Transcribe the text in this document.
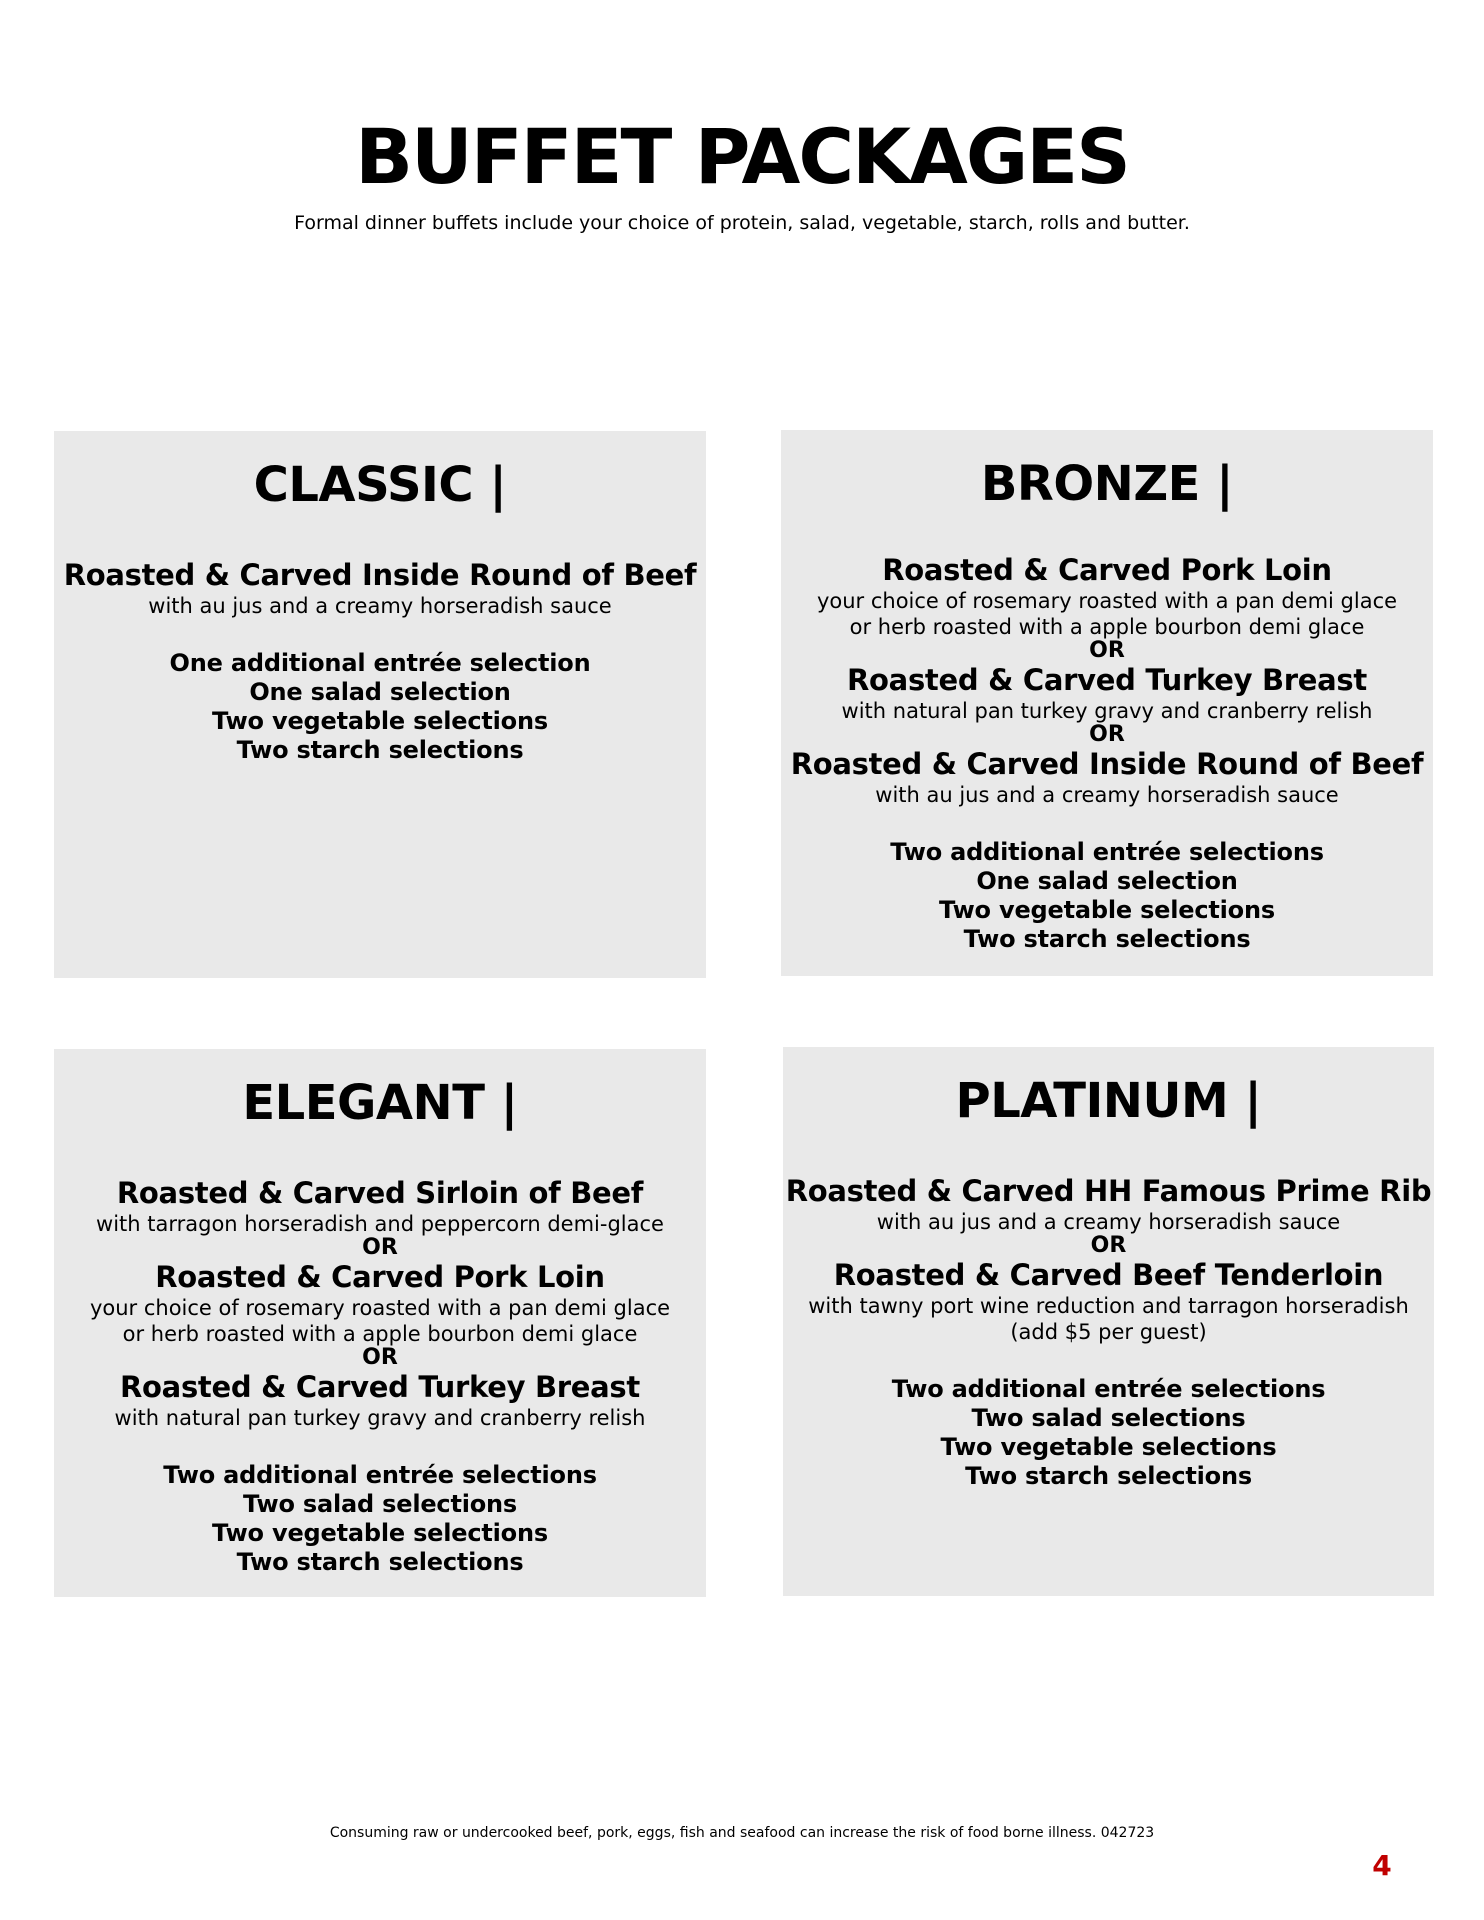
BUFFET PACKAGES

Formal dinner buffets include your choice of protein, salad, vegetable, starch, rolls and butter.

CLASSIC |
Roasted & Carved Inside Round of Beef
with au jus and a creamy horseradish sauce
One additional entrée selection
One salad selection
Two vegetable selections
Two starch selections
BRONZE |
Roasted & Carved Pork Loin
your choice of rosemary roasted with a pan demi glace
or herb roasted with a apple bourbon demi glace
OR
Roasted & Carved Turkey Breast
with natural pan turkey gravy and cranberry relish
OR
Roasted & Carved Inside Round of Beef
with au jus and a creamy horseradish sauce
Two additional entrée selections
One salad selection
Two vegetable selections
Two starch selections
ELEGANT |
Roasted & Carved Sirloin of Beef
with tarragon horseradish and peppercorn demi-glace
OR
Roasted & Carved Pork Loin
your choice of rosemary roasted with a pan demi glace
or herb roasted with a apple bourbon demi glace
OR
Roasted & Carved Turkey Breast
with natural pan turkey gravy and cranberry relish
Two additional entrée selections
Two salad selections
Two vegetable selections
Two starch selections
PLATINUM |
Roasted & Carved HH Famous Prime Rib
with au jus and a creamy horseradish sauce
OR
Roasted & Carved Beef Tenderloin
with tawny port wine reduction and tarragon horseradish
(add $5 per guest)
Two additional entrée selections
Two salad selections
Two vegetable selections
Two starch selections

Consuming raw or undercooked beef, pork, eggs, fish and seafood can increase the risk of food borne illness. 042723

4
